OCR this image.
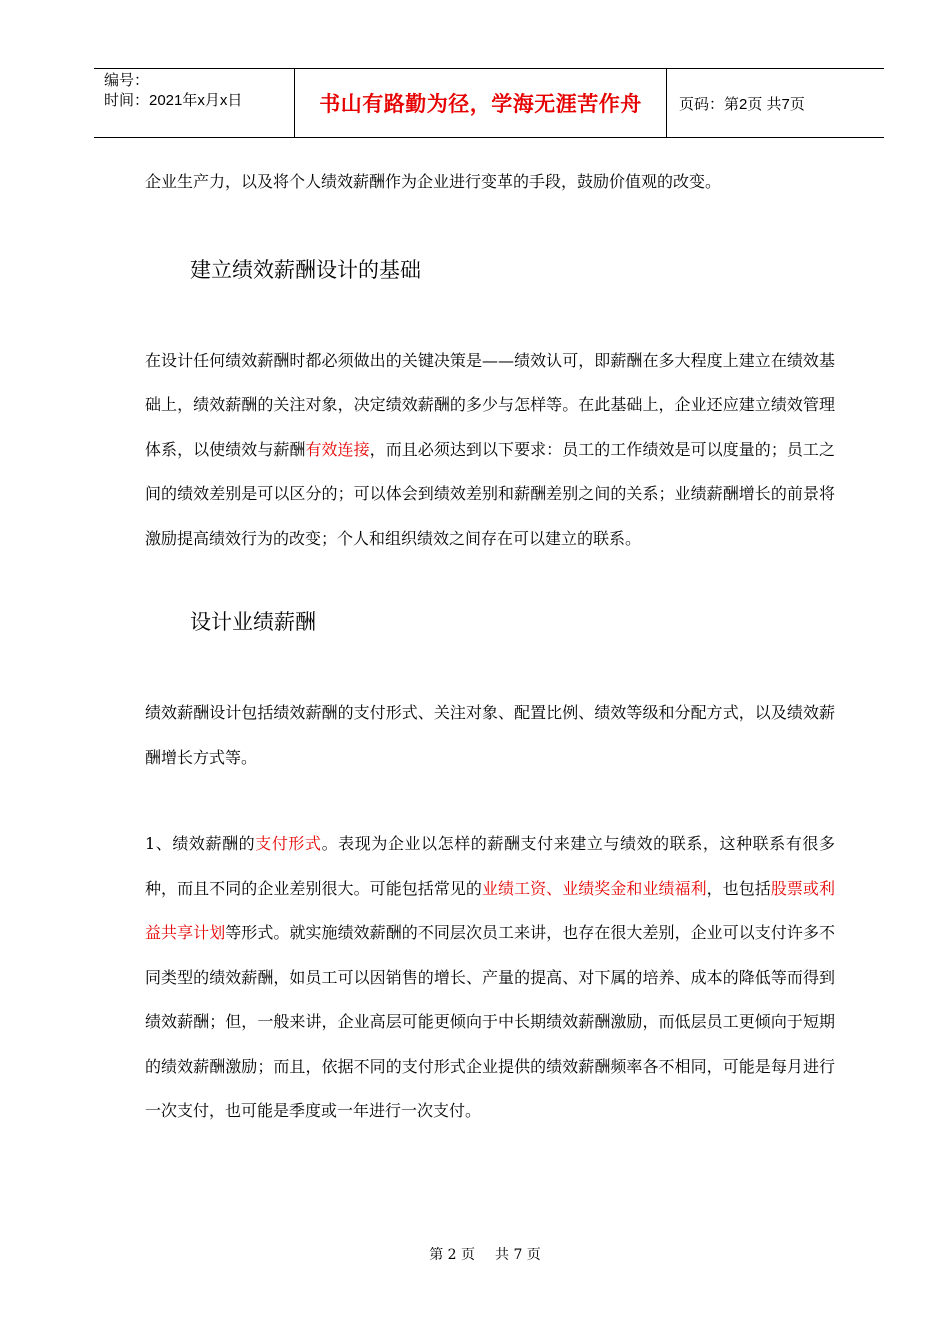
编号：
时间：2021年x月x日	书山有路勤为径，学海无涯苦作舟 页码：第2页 共7页

企业生产力，以及将个人绩效薪酬作为企业进行变革的手段，鼓励价值观的改变。

建立绩效薪酬设计的基础

在设计任何绩效薪酬时都必须做出的关键决策是——绩效认可，即薪酬在多大程度上建立在绩效基础上，绩效薪酬的关注对象，决定绩效薪酬的多少与怎样等。在此基础上，企业还应建立绩效管理体系，以使绩效与薪酬有效连接，而且必须达到以下要求：员工的工作绩效是可以度量的；员工之间的绩效差别是可以区分的；可以体会到绩效差别和薪酬差别之间的关系；业绩薪酬增长的前景将激励提高绩效行为的改变；个人和组织绩效之间存在可以建立的联系。

设计业绩薪酬

绩效薪酬设计包括绩效薪酬的支付形式、关注对象、配置比例、绩效等级和分配方式，以及绩效薪酬增长方式等。

1、绩效薪酬的支付形式。表现为企业以怎样的薪酬支付来建立与绩效的联系，这种联系有很多种，而且不同的企业差别很大。可能包括常见的业绩工资、业绩奖金和业绩福利，也包括股票或利益共享计划等形式。就实施绩效薪酬的不同层次员工来讲，也存在很大差别，企业可以支付许多不同类型的绩效薪酬，如员工可以因销售的增长、产量的提高、对下属的培养、成本的降低等而得到绩效薪酬；但，一般来讲，企业高层可能更倾向于中长期绩效薪酬激励，而低层员工更倾向于短期的绩效薪酬激励；而且，依据不同的支付形式企业提供的绩效薪酬频率各不相同，可能是每月进行一次支付，也可能是季度或一年进行一次支付。

第 2 页 共 7 页
